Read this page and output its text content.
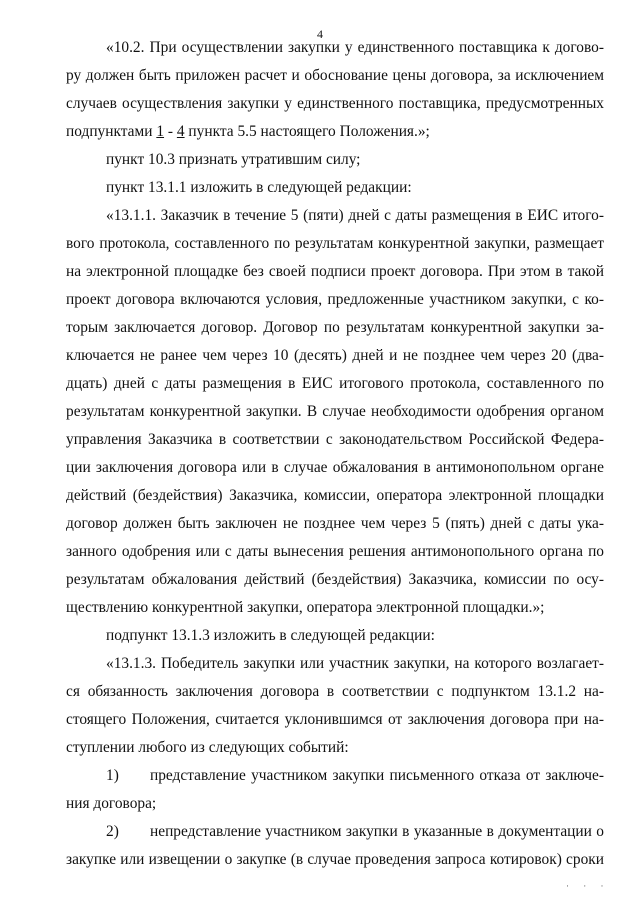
4
«10.2. При осуществлении закупки у единственного поставщика к догово-
ру должен быть приложен расчет и обоснование цены договора, за исключением
случаев осуществления закупки у единственного поставщика, предусмотренных
подпунктами 1 - 4 пункта 5.5 настоящего Положения.»;
пункт 10.3 признать утратившим силу;
пункт 13.1.1 изложить в следующей редакции:
«13.1.1. Заказчик в течение 5 (пяти) дней с даты размещения в ЕИС итого-
вого протокола, составленного по результатам конкурентной закупки, размещает
на электронной площадке без своей подписи проект договора. При этом в такой
проект договора включаются условия, предложенные участником закупки, с ко-
торым заключается договор. Договор по результатам конкурентной закупки за-
ключается не ранее чем через 10 (десять) дней и не позднее чем через 20 (два-
дцать) дней с даты размещения в ЕИС итогового протокола, составленного по
результатам конкурентной закупки. В случае необходимости одобрения органом
управления Заказчика в соответствии с законодательством Российской Федера-
ции заключения договора или в случае обжалования в антимонопольном органе
действий (бездействия) Заказчика, комиссии, оператора электронной площадки
договор должен быть заключен не позднее чем через 5 (пять) дней с даты ука-
занного одобрения или с даты вынесения решения антимонопольного органа по
результатам обжалования действий (бездействия) Заказчика, комиссии по осу-
ществлению конкурентной закупки, оператора электронной площадки.»;
подпункт 13.1.3 изложить в следующей редакции:
«13.1.3. Победитель закупки или участник закупки, на которого возлагает-
ся обязанность заключения договора в соответствии с подпунктом 13.1.2 на-
стоящего Положения, считается уклонившимся от заключения договора при на-
ступлении любого из следующих событий:
1) представление участником закупки письменного отказа от заключе-
ния договора;
2) непредставление участником закупки в указанные в документации о
закупке или извещении о закупке (в случае проведения запроса котировок) сроки
· · ·
